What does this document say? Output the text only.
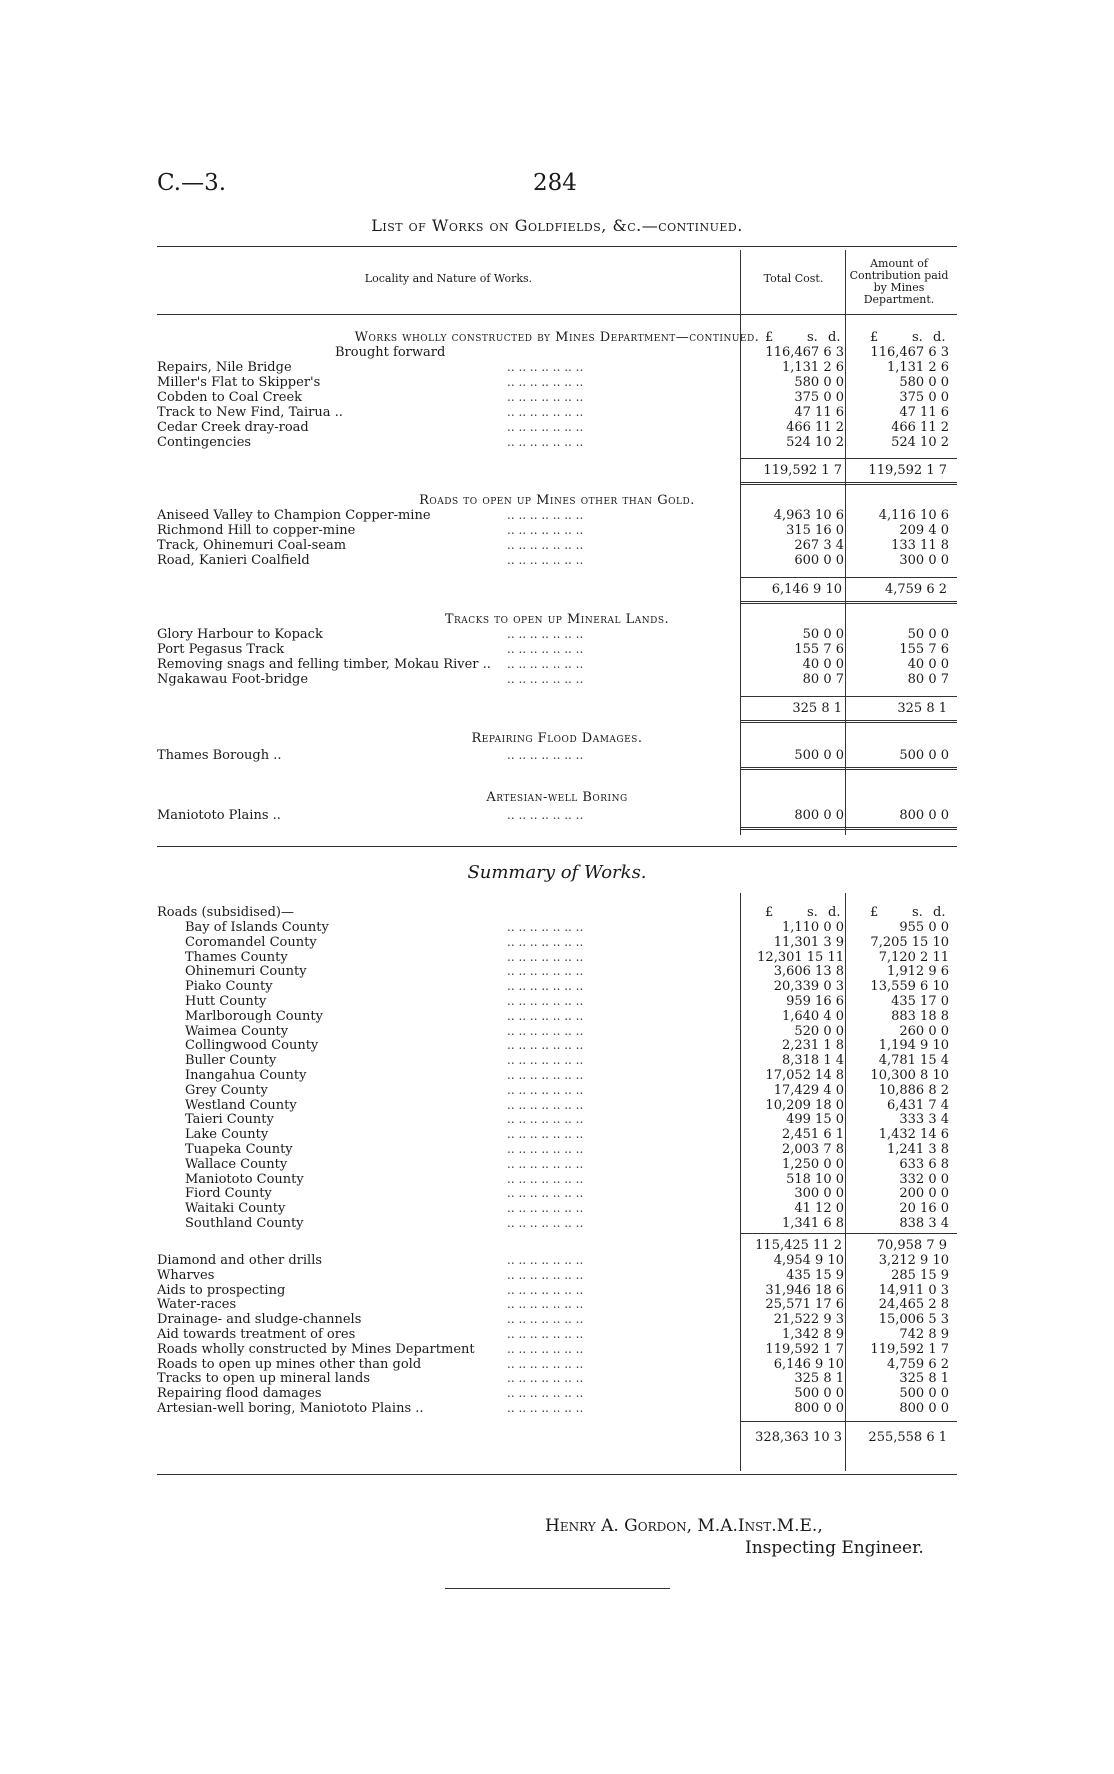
C.—3.	284
List of Works on Goldfields, &c.—continued.
Locality and Nature of Works.	Total Cost.
Amount of Contribution paid by Mines Department.
Works wholly constructed by Mines Department—continued. £	s. d. £	s. d.
Brought forward	116,467 6 3	116,467 6 3
Repairs, Nile Bridge	.. .. .. .. .. .. ..	1,131 2 6	1,131 2 6
Miller's Flat to Skipper's	.. .. .. .. .. .. ..	580 0 0	580 0 0
Cobden to Coal Creek	.. .. .. .. .. .. ..	375 0 0	375 0 0
Track to New Find, Tairua ..	.. .. .. .. .. .. ..	47 11 6	47 11 6
Cedar Creek dray-road	.. .. .. .. .. .. ..	466 11 2	466 11 2
Contingencies	.. .. .. .. .. .. ..	524 10 2	524 10 2
119,592 1 7	119,592 1 7
Roads to open up Mines other than Gold.
Aniseed Valley to Champion Copper-mine	.. .. .. .. .. .. ..	4,963 10 6	4,116 10 6
Richmond Hill to copper-mine	.. .. .. .. .. .. ..	315 16 0	209 4 0
Track, Ohinemuri Coal-seam	.. .. .. .. .. .. ..	267 3 4	133 11 8
Road, Kanieri Coalfield	.. .. .. .. .. .. ..	600 0 0	300 0 0
6,146 9 10	4,759 6 2
Tracks to open up Mineral Lands.
Glory Harbour to Kopack	.. .. .. .. .. .. ..	50 0 0	50 0 0
Port Pegasus Track	.. .. .. .. .. .. ..	155 7 6	155 7 6
Removing snags and felling timber, Mokau River .. .. .. .. .. .. .. ..	40 0 0	40 0 0
Ngakawau Foot-bridge	.. .. .. .. .. .. ..	80 0 7	80 0 7
325 8 1	325 8 1
Repairing Flood Damages.
Thames Borough ..	.. .. .. .. .. .. ..	500 0 0	500 0 0
Artesian-well Boring
Maniototo Plains ..	.. .. .. .. .. .. ..	800 0 0	800 0 0
Summary of Works.
Roads (subsidised)—	£	s. d. £	s. d.
Bay of Islands County	.. .. .. .. .. .. ..	1,110 0 0	955 0 0
Coromandel County	.. .. .. .. .. .. ..	11,301 3 9	7,205 15 10
Thames County	.. .. .. .. .. .. ..	12,301 15 11	7,120 2 11
Ohinemuri County	.. .. .. .. .. .. ..	3,606 13 8	1,912 9 6
Piako County	.. .. .. .. .. .. ..	20,339 0 3	13,559 6 10
Hutt County	.. .. .. .. .. .. ..	959 16 6	435 17 0
Marlborough County	.. .. .. .. .. .. ..	1,640 4 0	883 18 8
Waimea County	.. .. .. .. .. .. ..	520 0 0	260 0 0
Collingwood County	.. .. .. .. .. .. ..	2,231 1 8	1,194 9 10
Buller County	.. .. .. .. .. .. ..	8,318 1 4	4,781 15 4
Inangahua County	.. .. .. .. .. .. ..	17,052 14 8	10,300 8 10
Grey County	.. .. .. .. .. .. ..	17,429 4 0	10,886 8 2
Westland County	.. .. .. .. .. .. ..	10,209 18 0	6,431 7 4
Taieri County	.. .. .. .. .. .. ..	499 15 0	333 3 4
Lake County	.. .. .. .. .. .. ..	2,451 6 1	1,432 14 6
Tuapeka County	.. .. .. .. .. .. ..	2,003 7 8	1,241 3 8
Wallace County	.. .. .. .. .. .. ..	1,250 0 0	633 6 8
Maniototo County	.. .. .. .. .. .. ..	518 10 0	332 0 0
Fiord County	.. .. .. .. .. .. ..	300 0 0	200 0 0
Waitaki County	.. .. .. .. .. .. ..	41 12 0	20 16 0
Southland County	.. .. .. .. .. .. ..	1,341 6 8	838 3 4
115,425 11 2	70,958 7 9
Diamond and other drills	.. .. .. .. .. .. ..	4,954 9 10	3,212 9 10
Wharves	.. .. .. .. .. .. ..	435 15 9	285 15 9
Aids to prospecting	.. .. .. .. .. .. ..	31,946 18 6	14,911 0 3
Water-races	.. .. .. .. .. .. ..	25,571 17 6	24,465 2 8
Drainage- and sludge-channels	.. .. .. .. .. .. ..	21,522 9 3	15,006 5 3
Aid towards treatment of ores	.. .. .. .. .. .. ..	1,342 8 9	742 8 9
Roads wholly constructed by Mines Department	.. .. .. .. .. .. ..	119,592 1 7	119,592 1 7
Roads to open up mines other than gold	.. .. .. .. .. .. ..	6,146 9 10	4,759 6 2
Tracks to open up mineral lands	.. .. .. .. .. .. ..	325 8 1	325 8 1
Repairing flood damages	.. .. .. .. .. .. ..	500 0 0	500 0 0
Artesian-well boring, Maniototo Plains ..	.. .. .. .. .. .. ..	800 0 0	800 0 0
328,363 10 3	255,558 6 1
Henry A. Gordon, M.A.Inst.M.E.,
Inspecting Engineer.
